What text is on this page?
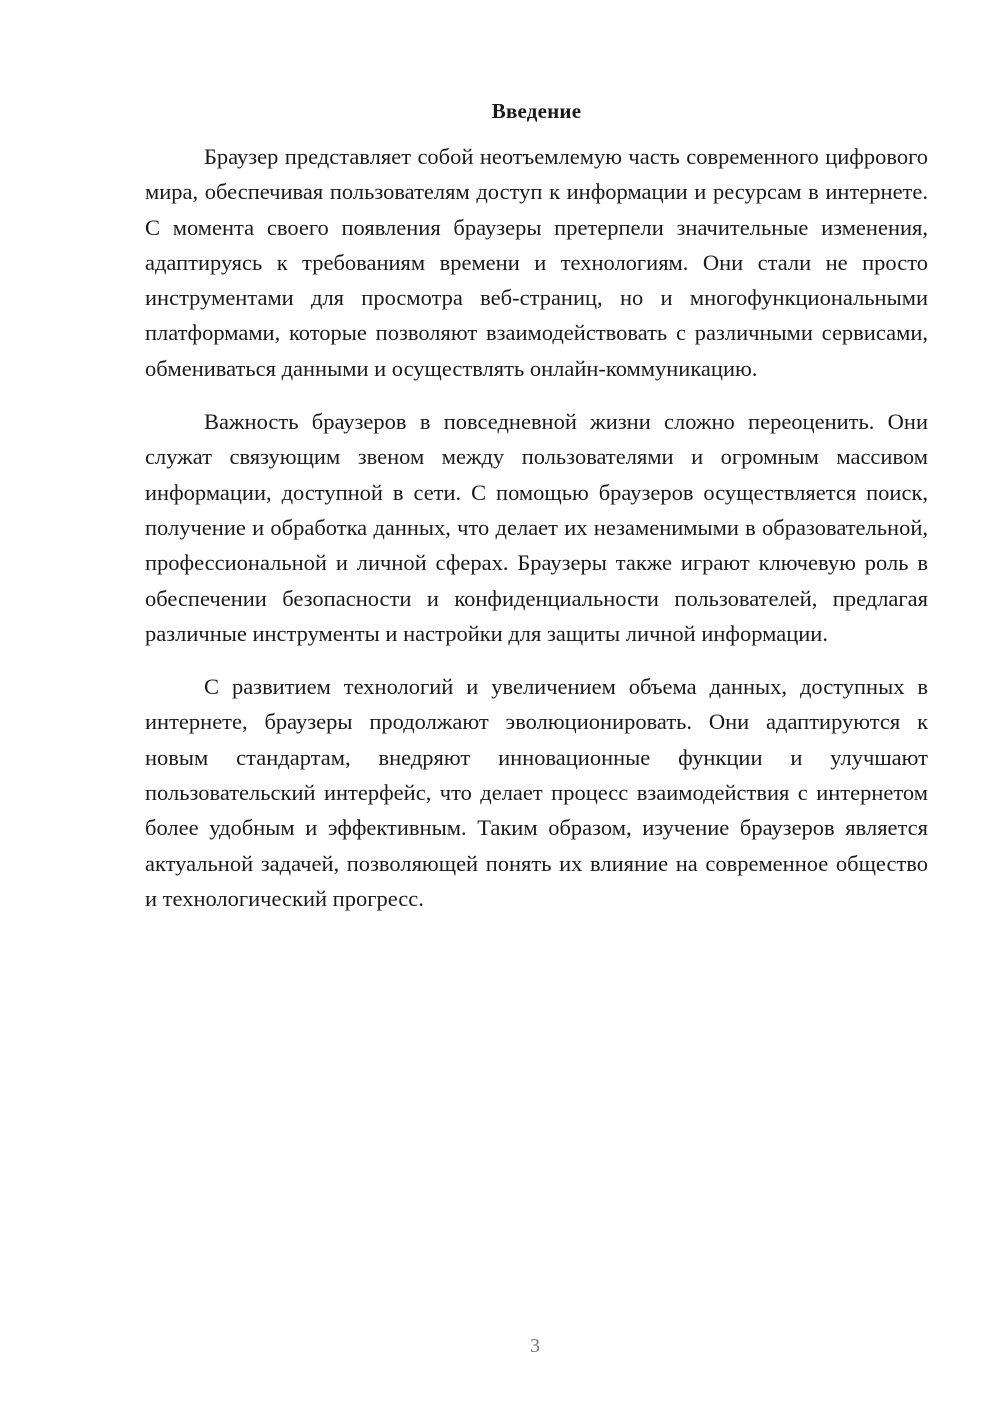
Введение

Браузер представляет собой неотъемлемую часть современного цифрового мира, обеспечивая пользователям доступ к информации и ресурсам в интернете. С момента своего появления браузеры претерпели значительные изменения, адаптируясь к требованиям времени и технологиям. Они стали не просто инструментами для просмотра веб-страниц, но и многофункциональными платформами, которые позволяют взаимодействовать с различными сервисами, обмениваться данными и осуществлять онлайн-коммуникацию.

Важность браузеров в повседневной жизни сложно переоценить. Они служат связующим звеном между пользователями и огромным массивом информации, доступной в сети. С помощью браузеров осуществляется поиск, получение и обработка данных, что делает их незаменимыми в образовательной, профессиональной и личной сферах. Браузеры также играют ключевую роль в обеспечении безопасности и конфиденциальности пользователей, предлагая различные инструменты и настройки для защиты личной информации.

С развитием технологий и увеличением объема данных, доступных в интернете, браузеры продолжают эволюционировать. Они адаптируются к новым стандартам, внедряют инновационные функции и улучшают пользовательский интерфейс, что делает процесс взаимодействия с интернетом более удобным и эффективным. Таким образом, изучение браузеров является актуальной задачей, позволяющей понять их влияние на современное общество и технологический прогресс.

3
